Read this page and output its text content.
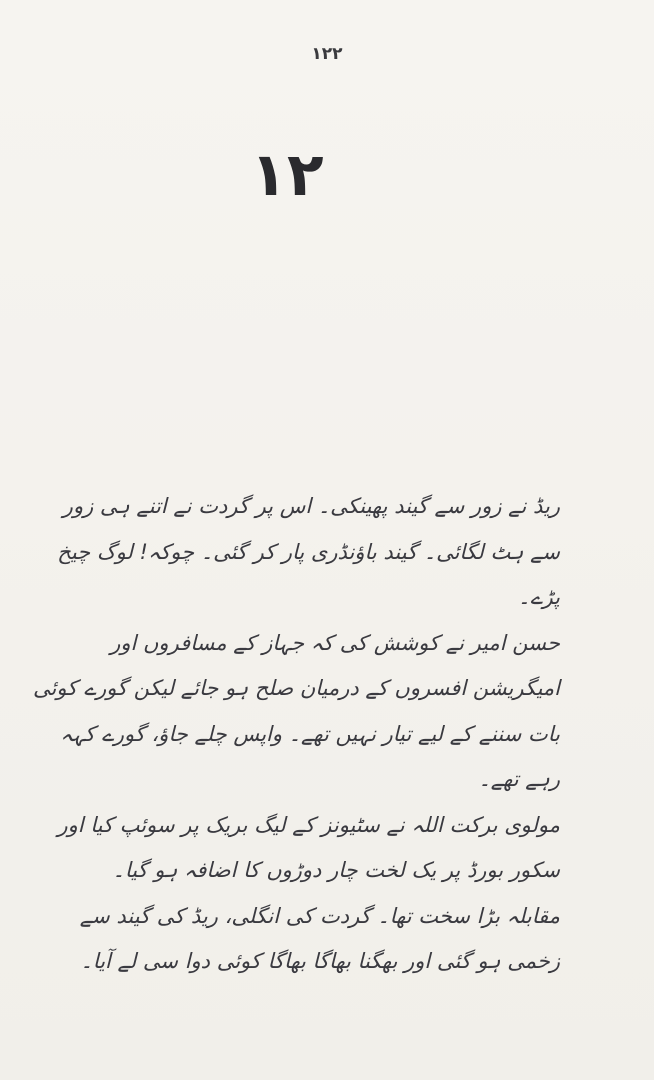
١٢٢
١٢

ریڈ نے زور سے گیند پھینکی۔ اس پر گردت نے اتنے ہی زور سے ہٹ لگائی۔ گیند باؤنڈری پار کر گئی۔ چوکہ! لوگ چیخ پڑے۔

حسن امیر نے کوشش کی کہ جہاز کے مسافروں اور امیگریشن افسروں کے درمیان صلح ہو جائے لیکن گورے کوئی بات سننے کے لیے تیار نہیں تھے۔ واپس چلے جاؤ، گورے کہہ رہے تھے۔

مولوی برکت اللہ نے سٹیونز کے لیگ بریک پر سوئپ کیا اور سکور بورڈ پر یک لخت چار دوڑوں کا اضافہ ہو گیا۔

مقابلہ بڑا سخت تھا۔ گردت کی انگلی، ریڈ کی گیند سے زخمی ہو گئی اور بھگنا بھاگا بھاگا کوئی دوا سی لے آیا۔
